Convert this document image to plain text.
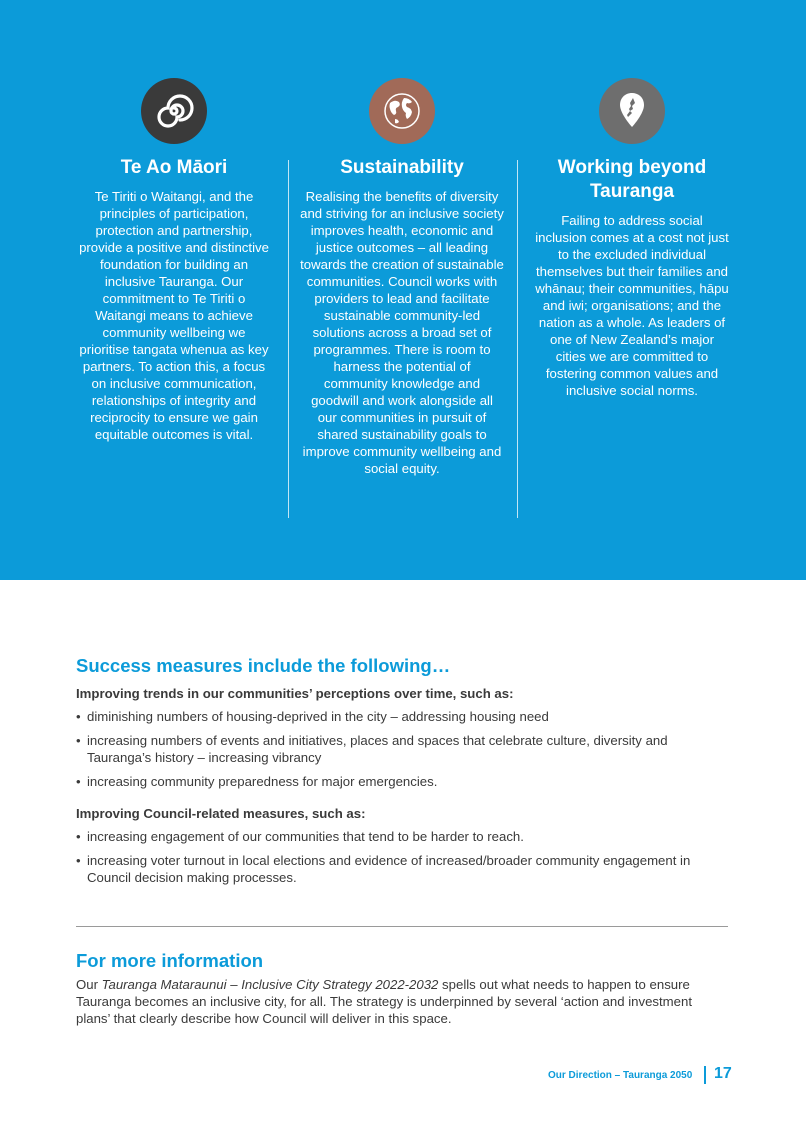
Te Ao Māori

Te Tiriti o Waitangi, and the principles of participation, protection and partnership, provide a positive and distinctive foundation for building an inclusive Tauranga. Our commitment to Te Tiriti o Waitangi means to achieve community wellbeing we prioritise tangata whenua as key partners. To action this, a focus on inclusive communication, relationships of integrity and reciprocity to ensure we gain equitable outcomes is vital.

Sustainability

Realising the benefits of diversity and striving for an inclusive society improves health, economic and justice outcomes – all leading towards the creation of sustainable communities. Council works with providers to lead and facilitate sustainable community-led solutions across a broad set of programmes. There is room to harness the potential of community knowledge and goodwill and work alongside all our communities in pursuit of shared sustainability goals to improve community wellbeing and social equity.

Working beyond Tauranga

Failing to address social inclusion comes at a cost not just to the excluded individual themselves but their families and whānau; their communities, hāpu and iwi; organisations; and the nation as a whole. As leaders of one of New Zealand’s major cities we are committed to fostering common values and inclusive social norms.

Success measures include the following…

Improving trends in our communities’ perceptions over time, such as:

• diminishing numbers of housing-deprived in the city – addressing housing need
• increasing numbers of events and initiatives, places and spaces that celebrate culture, diversity and Tauranga’s history – increasing vibrancy
• increasing community preparedness for major emergencies.

Improving Council-related measures, such as:

• increasing engagement of our communities that tend to be harder to reach.
• increasing voter turnout in local elections and evidence of increased/broader community engagement in Council decision making processes.
For more information

Our Tauranga Mataraunui – Inclusive City Strategy 2022-2032 spells out what needs to happen to ensure Tauranga becomes an inclusive city, for all. The strategy is underpinned by several ‘action and investment plans’ that clearly describe how Council will deliver in this space.

Our Direction – Tauranga 2050 17
